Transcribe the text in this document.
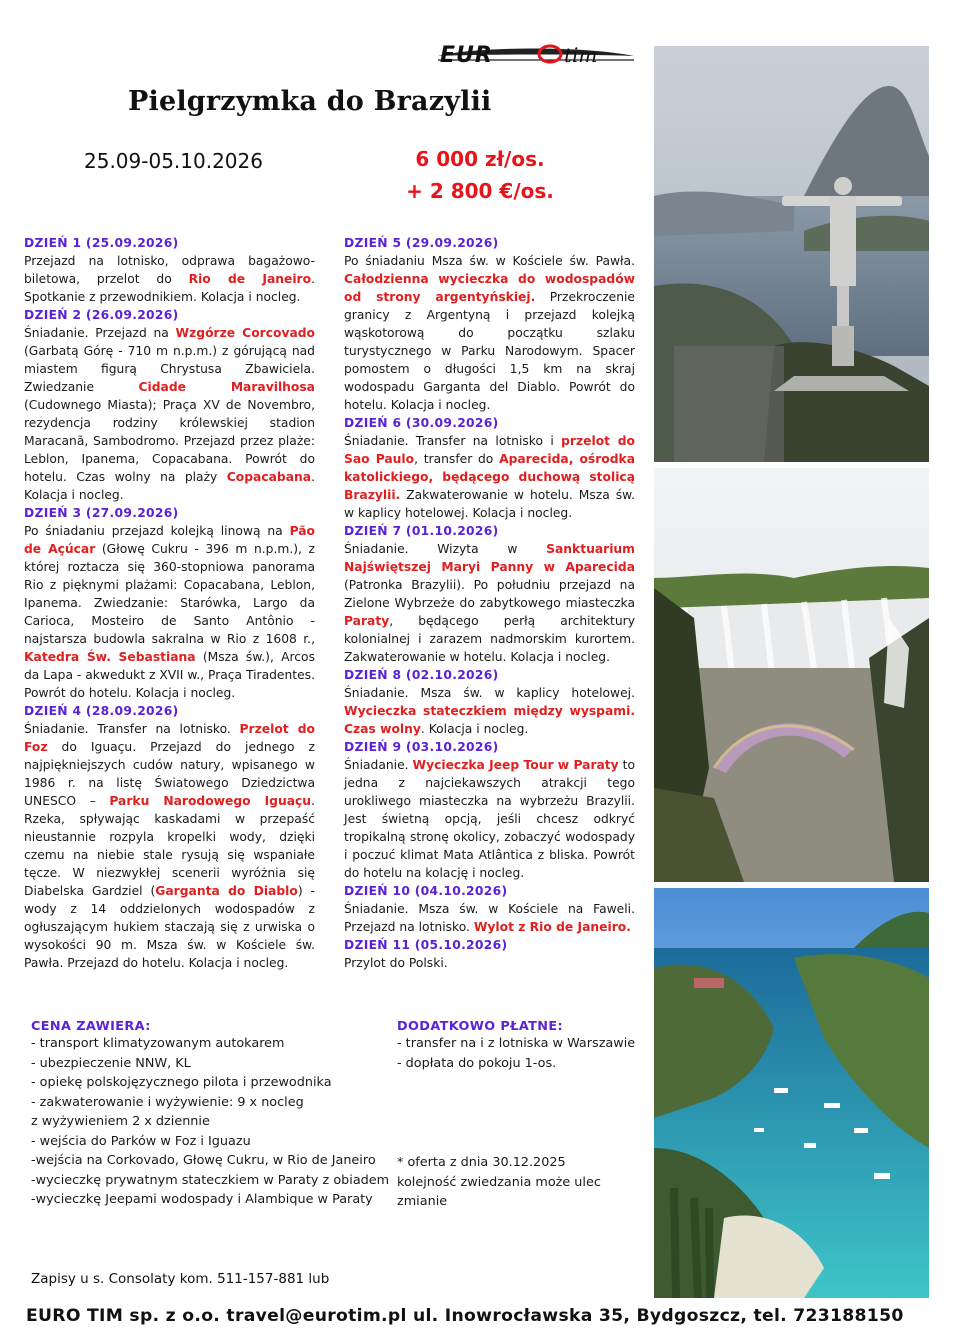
EUR	tim
Pielgrzymka do Brazylii
25.09-05.10.2026	6 000 zł/os.
+ 2 800 €/os.
DZIEŃ 1 (25.09.2026)

Przejazd na lotnisko, odprawa bagażowo-biletowa, przelot do Rio de Janeiro. Spotkanie z przewodnikiem. Kolacja i nocleg.

DZIEŃ 2 (26.09.2026)

Śniadanie. Przejazd na Wzgórze Corcovado (Garbatą Górę - 710 m n.p.m.) z górującą nad miastem figurą Chrystusa Zbawiciela. Zwiedzanie Cidade Maravilhosa (Cudownego Miasta); Praça XV de Novembro, rezydencja rodziny królewskiej stadion Maracanã, Sambodromo. Przejazd przez plaże: Leblon, Ipanema, Copacabana. Powrót do hotelu. Czas wolny na plaży Copacabana. Kolacja i nocleg.

DZIEŃ 3 (27.09.2026)

Po śniadaniu przejazd kolejką linową na Pão de Açúcar (Głowę Cukru - 396 m n.p.m.), z której roztacza się 360-stopniowa panorama Rio z pięknymi plażami: Copacabana, Leblon, Ipanema. Zwiedzanie: Starówka, Largo da Carioca, Mosteiro de Santo Antônio - najstarsza budowla sakralna w Rio z 1608 r., Katedra Św. Sebastiana (Msza św.), Arcos da Lapa - akwedukt z XVII w., Praça Tiradentes. Powrót do hotelu. Kolacja i nocleg.

DZIEŃ 4 (28.09.2026)

Śniadanie. Transfer na lotnisko. Przelot do Foz do Iguaçu. Przejazd do jednego z najpiękniejszych cudów natury, wpisanego w 1986 r. na listę Światowego Dziedzictwa UNESCO – Parku Narodowego Iguaçu. Rzeka, spływając kaskadami w przepaść nieustannie rozpyla kropelki wody, dzięki czemu na niebie stale rysują się wspaniałe tęcze. W niezwykłej scenerii wyróżnia się Diabelska Gardziel (Garganta do Diablo) - wody z 14 oddzielonych wodospadów z ogłuszającym hukiem staczają się z urwiska o wysokości 90 m. Msza św. w Kościele św. Pawła. Przejazd do hotelu. Kolacja i nocleg.

DZIEŃ 5 (29.09.2026)

Po śniadaniu Msza św. w Kościele św. Pawła. Całodzienna wycieczka do wodospadów od strony argentyńskiej. Przekroczenie granicy z Argentyną i przejazd kolejką wąskotorową do początku szlaku turystycznego w Parku Narodowym. Spacer pomostem o długości 1,5 km na skraj wodospadu Garganta del Diablo. Powrót do hotelu. Kolacja i nocleg.

DZIEŃ 6 (30.09.2026)

Śniadanie. Transfer na lotnisko i przelot do Sao Paulo, transfer do Aparecida, ośrodka katolickiego, będącego duchową stolicą Brazylii. Zakwaterowanie w hotelu. Msza św. w kaplicy hotelowej. Kolacja i nocleg.

DZIEŃ 7 (01.10.2026)

Śniadanie. Wizyta w Sanktuarium Najświętszej Maryi Panny w Aparecida (Patronka Brazylii). Po południu przejazd na Zielone Wybrzeże do zabytkowego miasteczka Paraty, będącego perłą architektury kolonialnej i zarazem nadmorskim kurortem. Zakwaterowanie w hotelu. Kolacja i nocleg.

DZIEŃ 8 (02.10.2026)

Śniadanie. Msza św. w kaplicy hotelowej. Wycieczka stateczkiem między wyspami. Czas wolny. Kolacja i nocleg.

DZIEŃ 9 (03.10.2026)

Śniadanie. Wycieczka Jeep Tour w Paraty to jedna z najciekawszych atrakcji tego urokliwego miasteczka na wybrzeżu Brazylii. Jest świetną opcją, jeśli chcesz odkryć tropikalną stronę okolicy, zobaczyć wodospady i poczuć klimat Mata Atlântica z bliska. Powrót do hotelu na kolację i nocleg.

DZIEŃ 10 (04.10.2026)

Śniadanie. Msza św. w Kościele na Faweli. Przejazd na lotnisko. Wylot z Rio de Janeiro.

DZIEŃ 11 (05.10.2026)

Przylot do Polski.

CENA ZAWIERA:
- transport klimatyzowanym autokarem
- ubezpieczenie NNW, KL
- opiekę polskojęzycznego pilota i przewodnika
- zakwaterowanie i wyżywienie: 9 x nocleg
z wyżywieniem 2 x dziennie
- wejścia do Parków w Foz i Iguazu
-wejścia na Corkovado, Głowę Cukru, w Rio de Janeiro
-wycieczkę prywatnym stateczkiem w Paraty z obiadem
-wycieczkę Jeepami wodospady i Alambique w Paraty
DODATKOWO PŁATNE:
- transfer na i z lotniska w Warszawie
- dopłata do pokoju 1-os.
* oferta z dnia 30.12.2025
kolejność zwiedzania może ulec
zmianie
Zapisy u s. Consolaty kom. 511-157-881 lub
EURO TIM sp. z o.o. travel@eurotim.pl ul. Inowrocławska 35, Bydgoszcz, tel. 723188150
